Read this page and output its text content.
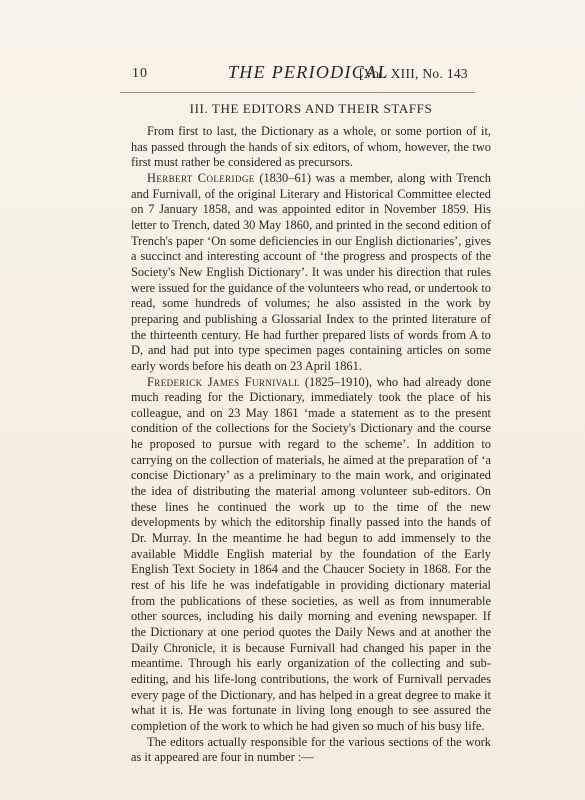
10	THE PERIODICAL
[Vol. XIII, No. 143
III. THE EDITORS AND THEIR STAFFS

From first to last, the Dictionary as a whole, or some portion of it, has passed through the hands of six editors, of whom, however, the two first must rather be considered as precursors.

Herbert Coleridge (1830–61) was a member, along with Trench and Furnivall, of the original Literary and Historical Committee elected on 7 January 1858, and was appointed editor in November 1859. His letter to Trench, dated 30 May 1860, and printed in the second edition of Trench's paper ‘On some deficiencies in our English dictionaries’, gives a succinct and interesting account of ‘the progress and prospects of the Society's New English Dictionary’. It was under his direction that rules were issued for the guidance of the volunteers who read, or undertook to read, some hundreds of volumes; he also assisted in the work by preparing and publishing a Glossarial Index to the printed literature of the thirteenth century. He had further prepared lists of words from A to D, and had put into type specimen pages containing articles on some early words before his death on 23 April 1861.

Frederick James Furnivall (1825–1910), who had already done much reading for the Dictionary, immediately took the place of his colleague, and on 23 May 1861 ‘made a statement as to the present condition of the collections for the Society's Dictionary and the course he proposed to pursue with regard to the scheme’. In addition to carrying on the collection of materials, he aimed at the preparation of ‘a concise Dictionary’ as a preliminary to the main work, and originated the idea of distributing the material among volunteer sub-editors. On these lines he continued the work up to the time of the new developments by which the editorship finally passed into the hands of Dr. Murray. In the meantime he had begun to add immensely to the available Middle English material by the foundation of the Early English Text Society in 1864 and the Chaucer Society in 1868. For the rest of his life he was indefatigable in providing dictionary material from the publications of these societies, as well as from innumerable other sources, including his daily morning and evening newspaper. If the Dictionary at one period quotes the Daily News and at another the Daily Chronicle, it is because Furnivall had changed his paper in the meantime. Through his early organization of the collecting and sub-editing, and his life-long contributions, the work of Furnivall pervades every page of the Dictionary, and has helped in a great degree to make it what it is. He was fortunate in living long enough to see assured the completion of the work to which he had given so much of his busy life.

The editors actually responsible for the various sections of the work as it appeared are four in number :—
